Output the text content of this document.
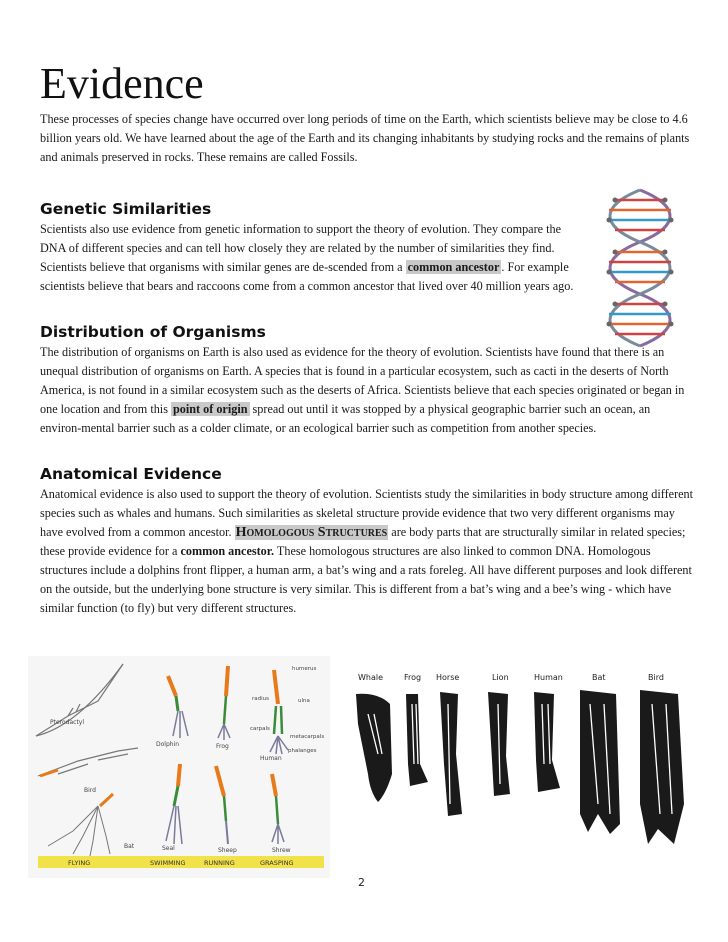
Evidence

These processes of species change have occurred over long periods of time on the Earth, which scientists believe may be close to 4.6 billion years old. We have learned about the age of the Earth and its changing inhabitants by studying rocks and the remains of plants and animals preserved in rocks. These remains are called Fossils.

Genetic Similarities

Scientists also use evidence from genetic information to support the theory of evolution. They compare the DNA of different species and can tell how closely they are related by the number of similarities they find. Scientists believe that organisms with similar genes are de-scended from a common ancestor . For example scientists believe that bears and raccoons come from a common ancestor that lived over 40 million years ago.

Distribution of Organisms

The distribution of organisms on Earth is also used as evidence for the theory of evolution. Scientists have found that there is an unequal distribution of organisms on Earth. A species that is found in a particular ecosystem, such as cacti in the deserts of North America, is not found in a similar ecosystem such as the deserts of Africa. Scientists believe that each species originated or began in one location and from this point of origin spread out until it was stopped by a physical geographic barrier such an ocean, an environ-mental barrier such as a colder climate, or an ecological barrier such as competition from another species.

Anatomical Evidence

Anatomical evidence is also used to support the theory of evolution. Scientists study the similarities in body structure among different species such as whales and humans. Such similarities as skeletal structure provide evidence that two very different organisms may have evolved from a common ancestor. Homologous Structures are body parts that are structurally similar in related species; these provide evidence for a common ancestor. These homologous structures are also linked to common DNA. Homologous structures include a dolphins front flipper, a human arm, a bat’s wing and a rats foreleg. All have different purposes and look different on the outside, but the underlying bone structure is very similar. This is different from a bat’s wing and a bee’s wing - which have similar function (to fly) but very different structures.

Pterodactyl
Bird
Bat
Dolphin
Seal
Frog
Sheep
humerus
radius	ulna
carpals
metacarpals
phalanges
Human
Shrew
FLYING	SWIMMING	RUNNING	GRASPING
Whale	Frog Horse	Lion	Human	Bat	Bird
2
